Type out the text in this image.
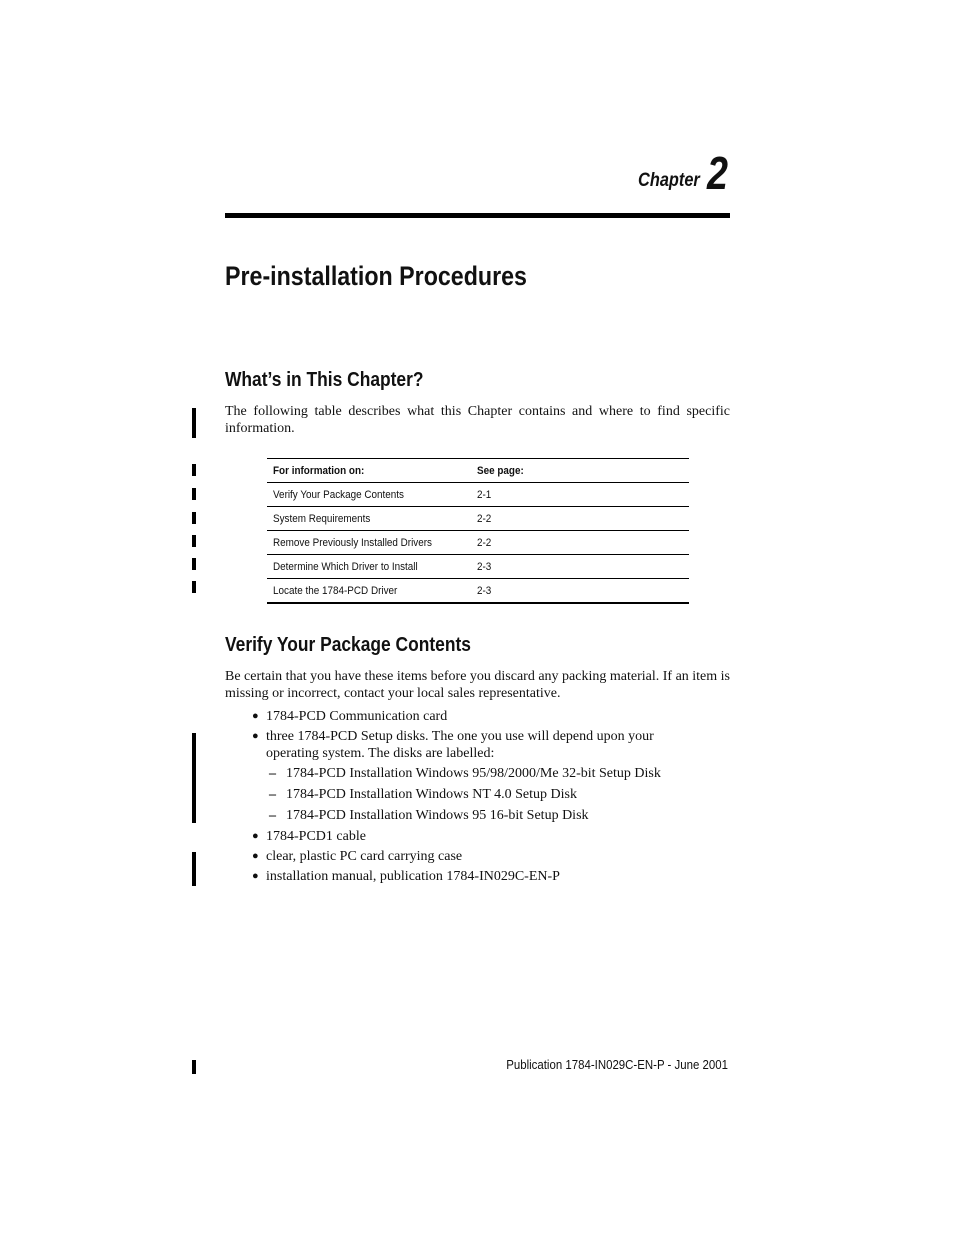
Chapter 2
Pre-installation Procedures
What’s in This Chapter?

The following table describes what this Chapter contains and where to find specific information.

For information on:	See page:
Verify Your Package Contents	2-1
System Requirements	2-2
Remove Previously Installed Drivers	2-2
Determine Which Driver to Install	2-3
Locate the 1784-PCD Driver	2-3
Verify Your Package Contents

Be certain that you have these items before you discard any packing material. If an item is missing or incorrect, contact your local sales representative.

● 1784-PCD Communication card
● three 1784-PCD Setup disks. The one you use will depend upon your operating system. The disks are labelled:
– 1784-PCD Installation Windows 95/98/2000/Me 32-bit Setup Disk
– 1784-PCD Installation Windows NT 4.0 Setup Disk
– 1784-PCD Installation Windows 95 16-bit Setup Disk
● 1784-PCD1 cable
● clear, plastic PC card carrying case
● installation manual, publication 1784-IN029C-EN-P
Publication 1784-IN029C-EN-P - June 2001
